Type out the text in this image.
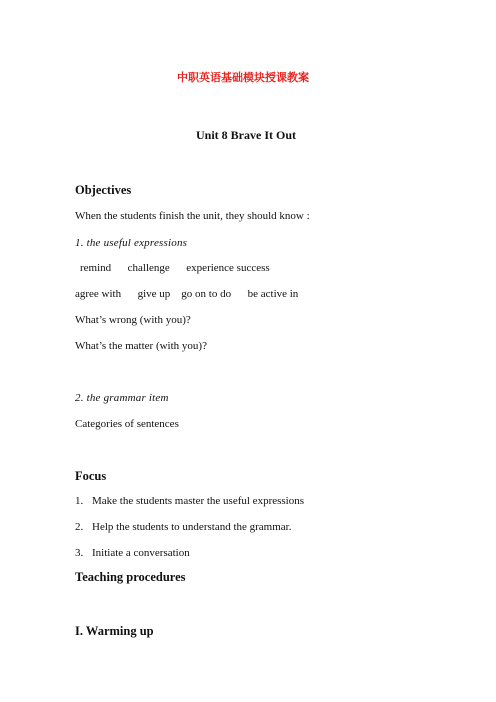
中职英语基础模块授课教案
Unit 8 Brave It Out
Objectives
When the students finish the unit, they should know :
1. the useful expressions
remind      challenge      experience success
agree with      give up    go on to do      be active in
What’s wrong (with you)?
What’s the matter (with you)?
2. the grammar item
Categories of sentences
Focus
1. Make the students master the useful expressions
2. Help the students to understand the grammar.
3. Initiate a conversation
Teaching procedures
I. Warming up
